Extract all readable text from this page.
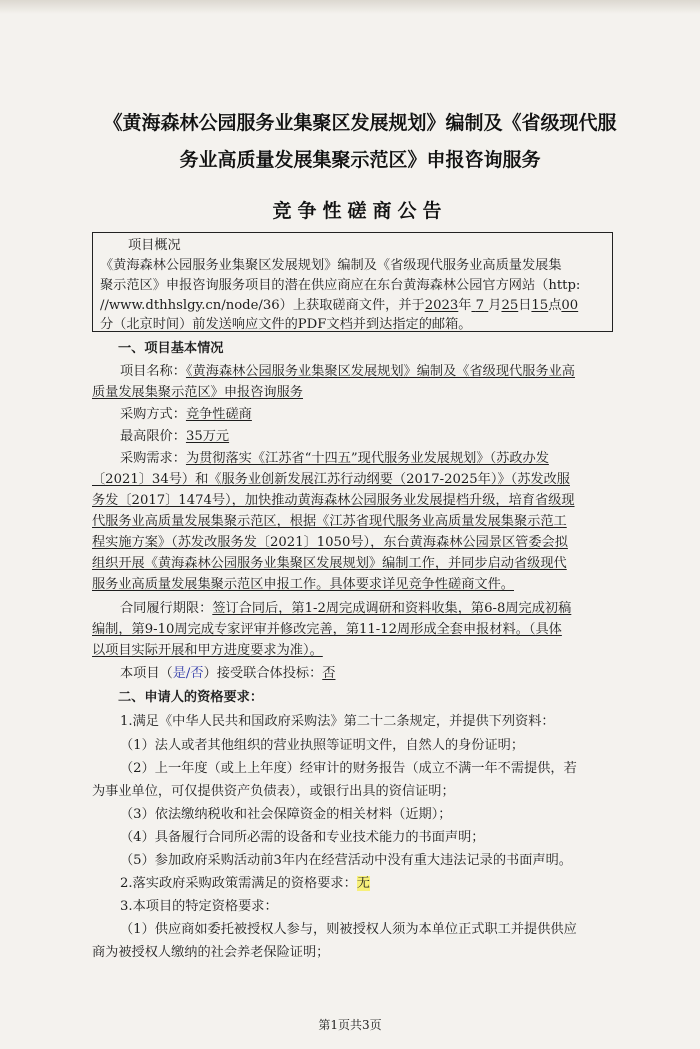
《黄海森林公园服务业集聚区发展规划》编制及《省级现代服
务业高质量发展集聚示范区》申报咨询服务
竞争性磋商公告
项目概况
《黄海森林公园服务业集聚区发展规划》编制及《省级现代服务业高质量发展集
聚示范区》申报咨询服务项目的潜在供应商应在东台黄海森林公园官方网站（http:
//www.dthhslgy.cn/node/36）上获取磋商文件，并于2023年 7 月25日15点00
分（北京时间）前发送响应文件的PDF文档并到达指定的邮箱。
一、项目基本情况
项目名称：《黄海森林公园服务业集聚区发展规划》编制及《省级现代服务业高
质量发展集聚示范区》申报咨询服务
采购方式：竞争性磋商
最高限价：35万元
采购需求：为贯彻落实《江苏省“十四五”现代服务业发展规划》（苏政办发
〔2021〕34号）和《服务业创新发展江苏行动纲要（2017-2025年）》（苏发改服
务发〔2017〕1474号），加快推动黄海森林公园服务业发展提档升级，培育省级现
代服务业高质量发展集聚示范区，根据《江苏省现代服务业高质量发展集聚示范工
程实施方案》（苏发改服务发〔2021〕1050号），东台黄海森林公园景区管委会拟
组织开展《黄海森林公园服务业集聚区发展规划》编制工作，并同步启动省级现代
服务业高质量发展集聚示范区申报工作。具体要求详见竞争性磋商文件。
合同履行期限：签订合同后，第1-2周完成调研和资料收集，第6-8周完成初稿
编制，第9-10周完成专家评审并修改完善，第11-12周形成全套申报材料。（具体
以项目实际开展和甲方进度要求为准）。
本项目（是/否）接受联合体投标：否
二、申请人的资格要求：
1.满足《中华人民共和国政府采购法》第二十二条规定，并提供下列资料：
（1）法人或者其他组织的营业执照等证明文件，自然人的身份证明；
（2）上一年度（或上上年度）经审计的财务报告（成立不满一年不需提供，若
为事业单位，可仅提供资产负债表），或银行出具的资信证明；
（3）依法缴纳税收和社会保障资金的相关材料（近期）；
（4）具备履行合同所必需的设备和专业技术能力的书面声明；
（5）参加政府采购活动前3年内在经营活动中没有重大违法记录的书面声明。
2.落实政府采购政策需满足的资格要求：无
3.本项目的特定资格要求：
（1）供应商如委托被授权人参与，则被授权人须为本单位正式职工并提供供应
商为被授权人缴纳的社会养老保险证明；
第1页共3页
